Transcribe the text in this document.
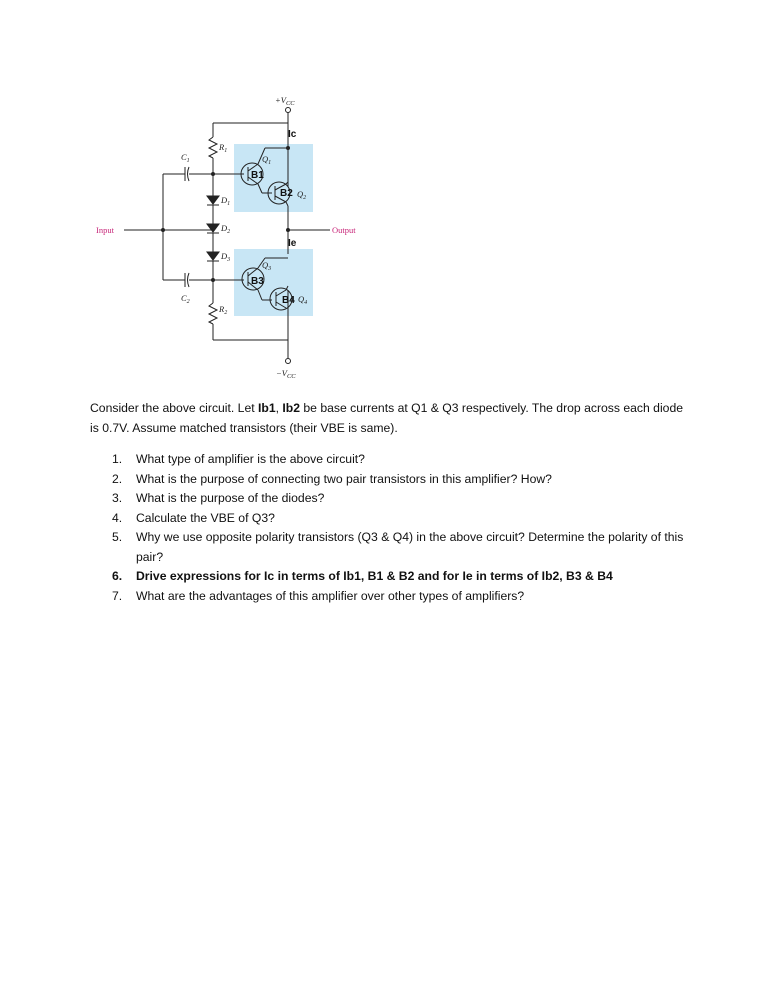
$+V_{CC}$
$-V_{CC}$
$R_1$
$R_2$
$C_1$
$C_2$
$D_1$
$D_2$
$D_3$
$Q_1$
$Q_2$
$Q_3$
$Q_4$
Input	Output
Ic
Ie
B1
B2
B3
B4

Consider the above circuit. Let Ib1, Ib2 be base currents at Q1 & Q3 respectively. The drop across each diode is 0.7V. Assume matched transistors (their VBE is same).

1. What type of amplifier is the above circuit?
2. What is the purpose of connecting two pair transistors in this amplifier? How?
3. What is the purpose of the diodes?
4. Calculate the VBE of Q3?
5. Why we use opposite polarity transistors (Q3 & Q4) in the above circuit? Determine the polarity of this pair?
6. Drive expressions for Ic in terms of Ib1, B1 & B2 and for Ie in terms of Ib2, B3 & B4
7. What are the advantages of this amplifier over other types of amplifiers?
